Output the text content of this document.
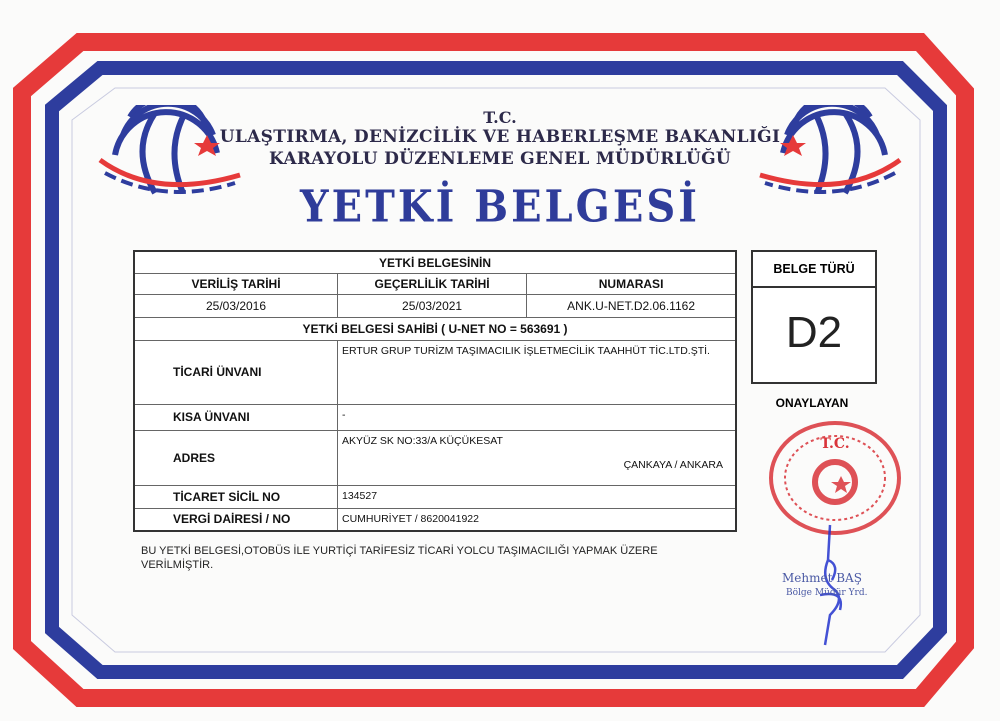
T.C.
ULAŞTIRMA, DENİZCİLİK VE HABERLEŞME BAKANLIĞI
KARAYOLU DÜZENLEME GENEL MÜDÜRLÜĞÜ
YETKİ BELGESİ
YETKİ BELGESİNİN		
VERİLİŞ TARİHİ	GEÇERLİLİK TARİHİ	NUMARASI
25/03/2016	25/03/2021	ANK.U-NET.D2.06.1162
YETKİ BELGESİ SAHİBİ ( U-NET NO = 563691 )		
TİCARİ ÜNVANI	ERTUR GRUP TURİZM TAŞIMACILIK İŞLETMECİLİK TAAHHÜT TİC.LTD.ŞTİ.	
KISA ÜNVANI	-	
ADRES	AKYÜZ SK NO:33/A KÜÇÜKESAT
ÇANKAYA / ANKARA	

TİCARET SİCİL NO	134527	
VERGİ DAİRESİ / NO	CUMHURİYET / 8620041922	
BELGE TÜRÜ
D2
ONAYLAYAN
T.C.
Mehmet BAŞ
Bölge Müdür Yrd.
BU YETKİ BELGESİ,OTOBÜS İLE YURTİÇİ TARİFESİZ TİCARİ YOLCU TAŞIMACILIĞI YAPMAK ÜZERE VERİLMİŞTİR.
